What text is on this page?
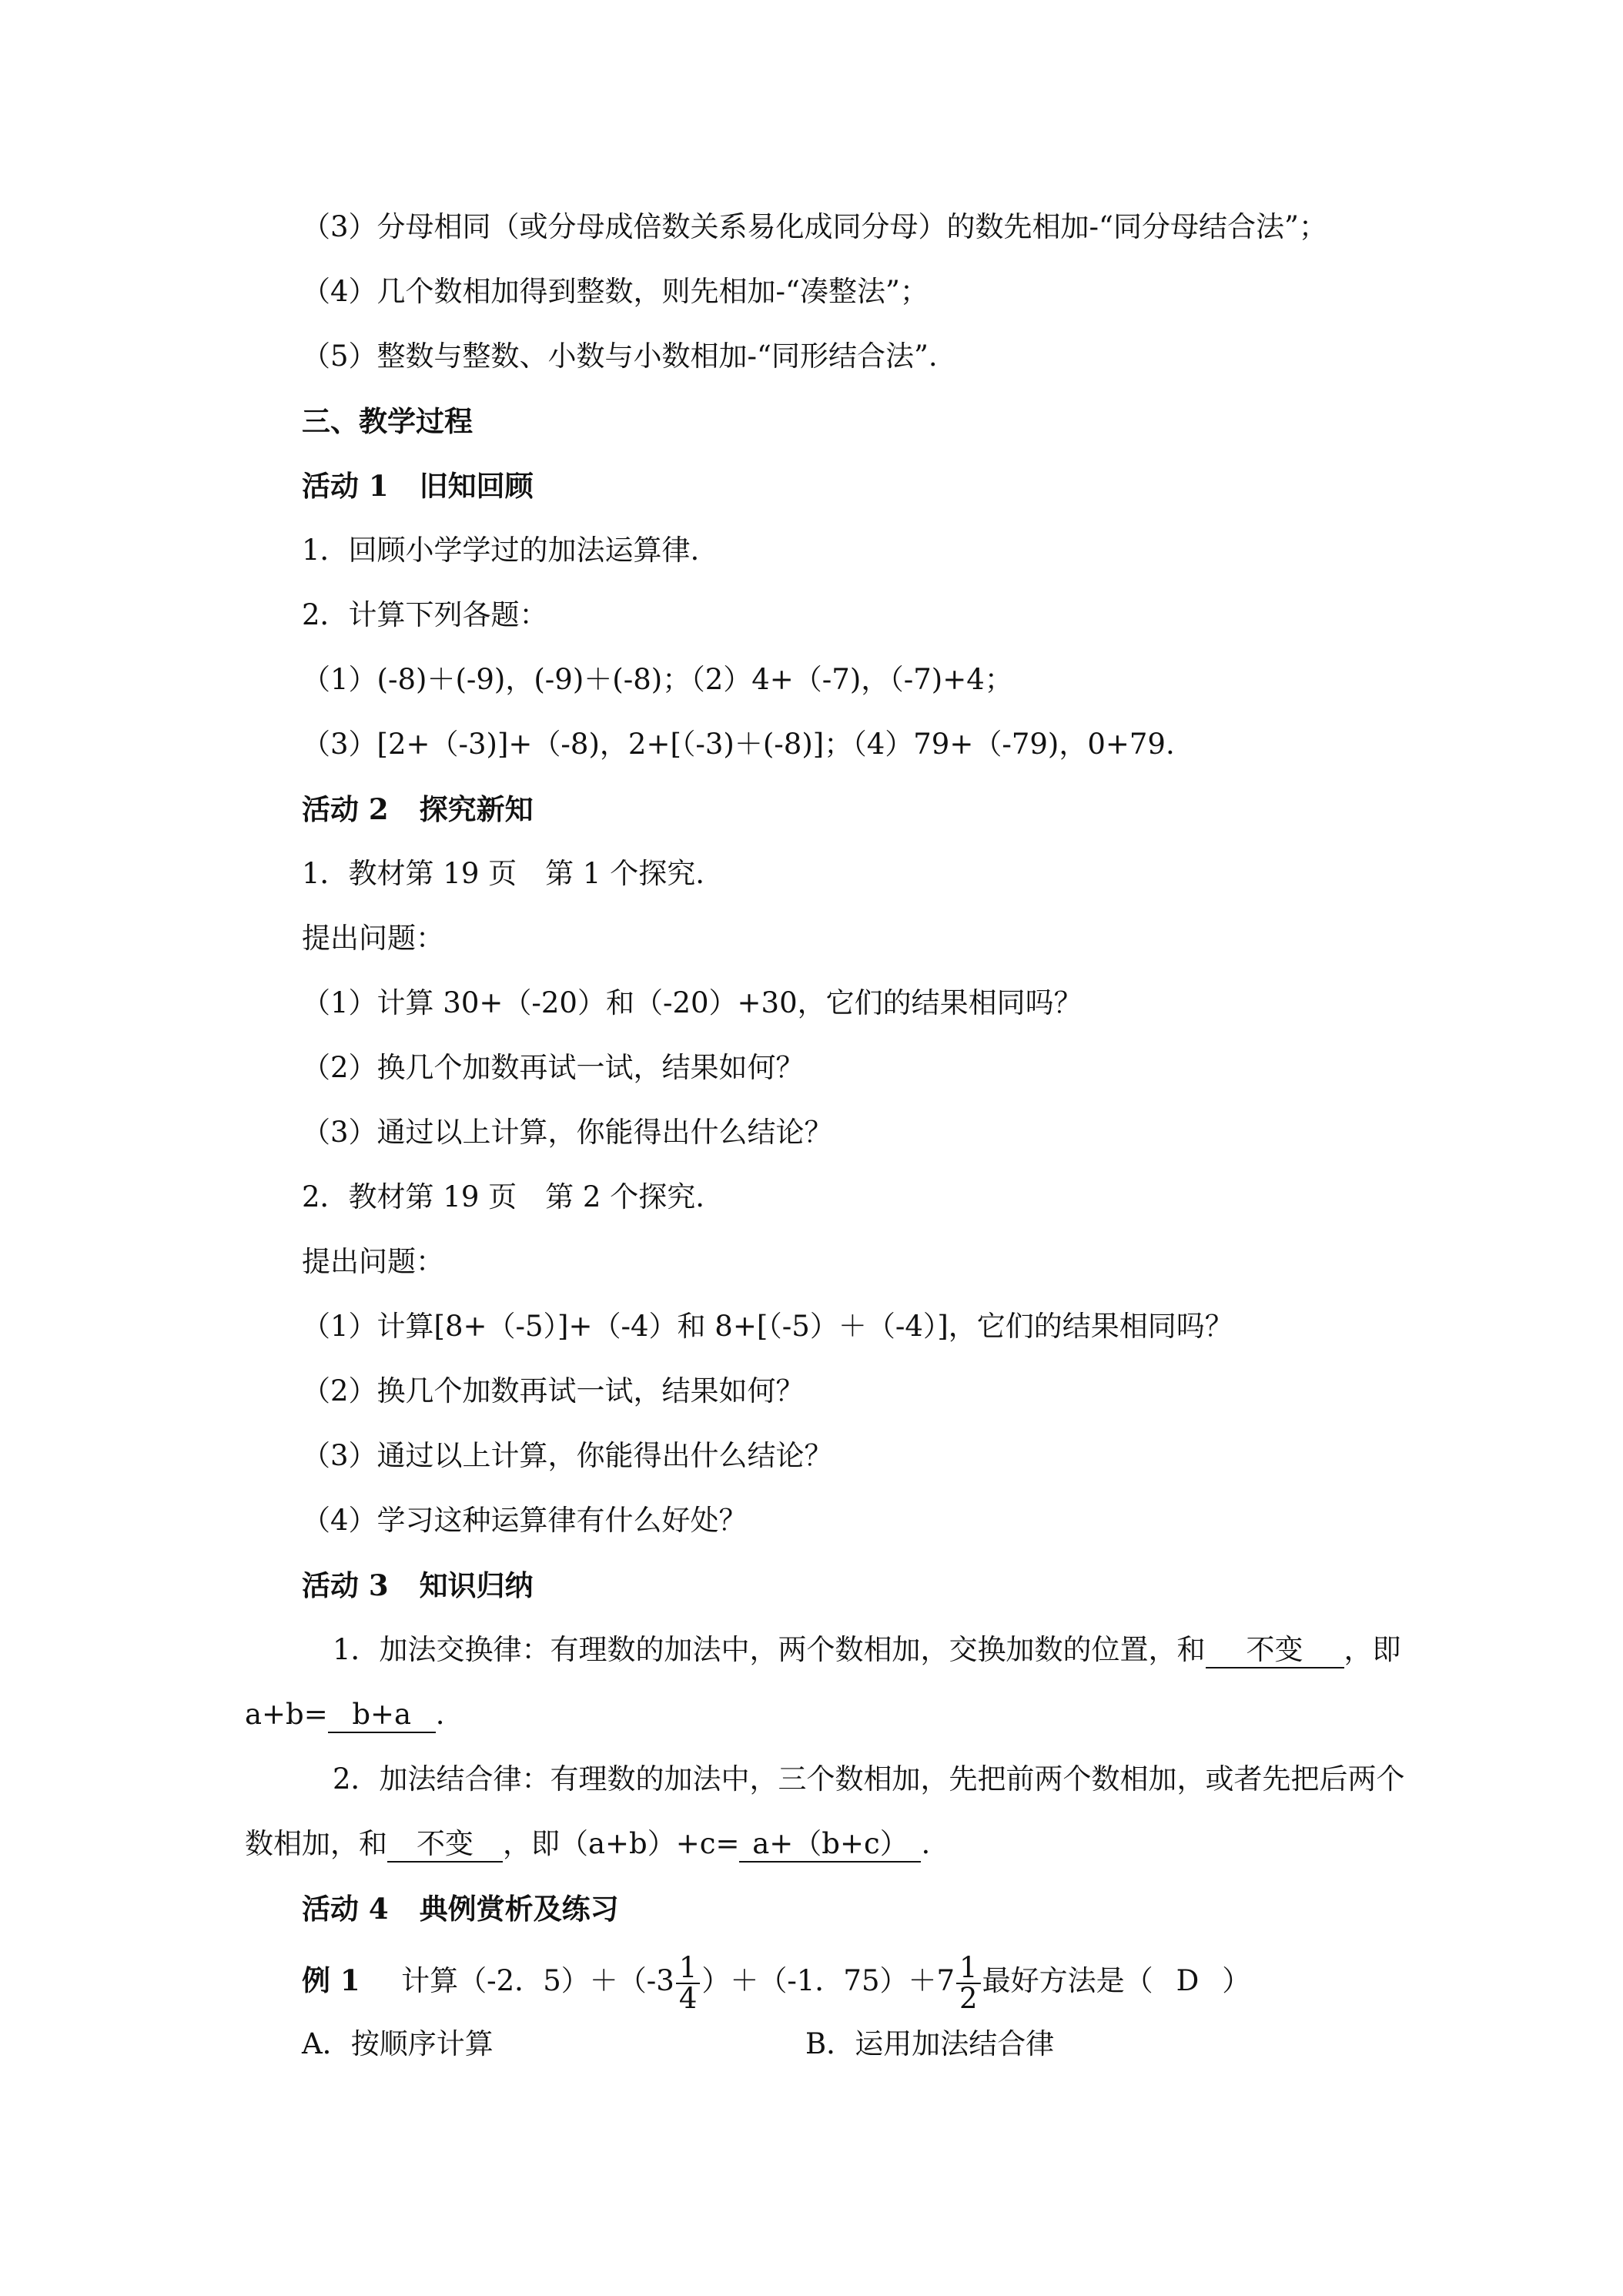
（3）分母相同（或分母成倍数关系易化成同分母）的数先相加-“同分母结合法”；
（4）几个数相加得到整数，则先相加-“凑整法”；
（5）整数与整数、小数与小数相加-“同形结合法”.
三、教学过程
活动 1 旧知回顾
1．回顾小学学过的加法运算律.
2．计算下列各题：
（1）(-8)＋(-9)，(-9)＋(-8)；（2）4+（-7)，（-7)+4；
（3）[2+（-3)]+（-8)，2+[（-3)＋(-8)]；（4）79+（-79)，0+79.
活动 2 探究新知
1．教材第 19 页　第 1 个探究.
提出问题：
（1）计算 30+（-20）和（-20）+30，它们的结果相同吗？
（2）换几个加数再试一试，结果如何？
（3）通过以上计算，你能得出什么结论？
2．教材第 19 页　第 2 个探究.
提出问题：
（1）计算[8+（-5）]+（-4）和 8+[（-5）＋（-4）]，它们的结果相同吗？
（2）换几个加数再试一试，结果如何？
（3）通过以上计算，你能得出什么结论？
（4）学习这种运算律有什么好处？
活动 3 知识归纳
1．加法交换律：有理数的加法中，两个数相加，交换加数的位置，和 不变 ，即
a+b= b+a .
2．加法结合律：有理数的加法中，三个数相加，先把前两个数相加，或者先把后两个
数相加，和 不变 ，即（a+b）+c= a+（b+c） .
活动 4 典例赏析及练习
例 1 计算（-2．$5)+(-3 \frac{1}{4} )+(-1$．$75)+7 \frac{1}{2}$ 最好方法是（ D ）
A．按顺序计算	B．运用加法结合律
